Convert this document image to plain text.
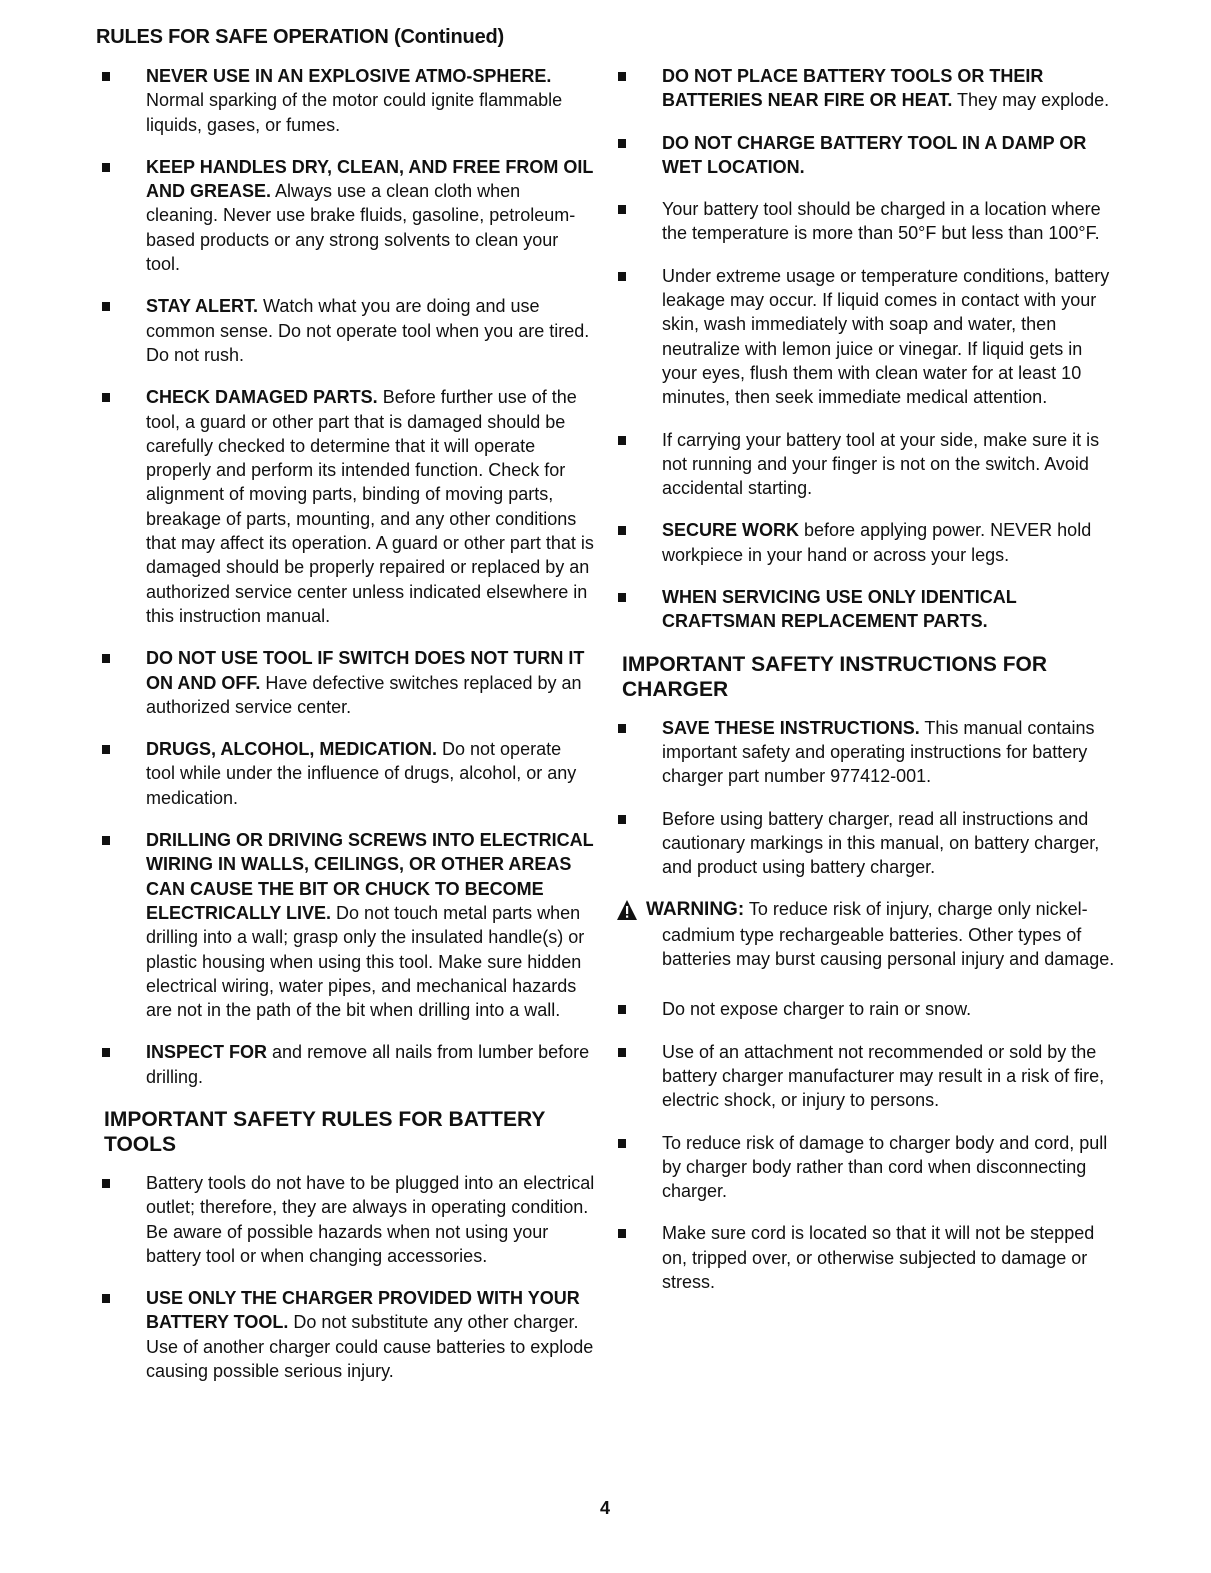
RULES FOR SAFE OPERATION (Continued)
NEVER USE IN AN EXPLOSIVE ATMO-SPHERE. Normal sparking of the motor could ignite flammable liquids, gases, or fumes.
KEEP HANDLES DRY, CLEAN, AND FREE FROM OIL AND GREASE. Always use a clean cloth when cleaning. Never use brake fluids, gasoline, petroleum-based products or any strong solvents to clean your tool.
STAY ALERT. Watch what you are doing and use common sense. Do not operate tool when you are tired. Do not rush.
CHECK DAMAGED PARTS. Before further use of the tool, a guard or other part that is damaged should be carefully checked to determine that it will operate properly and perform its intended function. Check for alignment of moving parts, binding of moving parts, breakage of parts, mounting, and any other conditions that may affect its operation. A guard or other part that is damaged should be properly repaired or replaced by an authorized service center unless indicated elsewhere in this instruction manual.
DO NOT USE TOOL IF SWITCH DOES NOT TURN IT ON AND OFF. Have defective switches replaced by an authorized service center.
DRUGS, ALCOHOL, MEDICATION. Do not operate tool while under the influence of drugs, alcohol, or any medication.
DRILLING OR DRIVING SCREWS INTO ELECTRICAL WIRING IN WALLS, CEILINGS, OR OTHER AREAS CAN CAUSE THE BIT OR CHUCK TO BECOME ELECTRICALLY LIVE. Do not touch metal parts when drilling into a wall; grasp only the insulated handle(s) or plastic housing when using this tool. Make sure hidden electrical wiring, water pipes, and mechanical hazards are not in the path of the bit when drilling into a wall.
INSPECT FOR and remove all nails from lumber before drilling.
IMPORTANT SAFETY RULES FOR BATTERY TOOLS
Battery tools do not have to be plugged into an electrical outlet; therefore, they are always in operating condition. Be aware of possible hazards when not using your battery tool or when changing accessories.
USE ONLY THE CHARGER PROVIDED WITH YOUR BATTERY TOOL. Do not substitute any other charger. Use of another charger could cause batteries to explode causing possible serious injury.
DO NOT PLACE BATTERY TOOLS OR THEIR BATTERIES NEAR FIRE OR HEAT. They may explode.
DO NOT CHARGE BATTERY TOOL IN A DAMP OR WET LOCATION.
Your battery tool should be charged in a location where the temperature is more than 50°F but less than 100°F.
Under extreme usage or temperature conditions, battery leakage may occur. If liquid comes in contact with your skin, wash immediately with soap and water, then neutralize with lemon juice or vinegar. If liquid gets in your eyes, flush them with clean water for at least 10 minutes, then seek immediate medical attention.
If carrying your battery tool at your side, make sure it is not running and your finger is not on the switch. Avoid accidental starting.
SECURE WORK before applying power. NEVER hold workpiece in your hand or across your legs.
WHEN SERVICING USE ONLY IDENTICAL CRAFTSMAN REPLACEMENT PARTS.
IMPORTANT SAFETY INSTRUCTIONS FOR CHARGER
SAVE THESE INSTRUCTIONS. This manual contains important safety and operating instructions for battery charger part number 977412-001.
Before using battery charger, read all instructions and cautionary markings in this manual, on battery charger, and product using battery charger.
WARNING: To reduce risk of injury, charge only nickel-cadmium type rechargeable batteries. Other types of batteries may burst causing personal injury and damage.
Do not expose charger to rain or snow.
Use of an attachment not recommended or sold by the battery charger manufacturer may result in a risk of fire, electric shock, or injury to persons.
To reduce risk of damage to charger body and cord, pull by charger body rather than cord when disconnecting charger.
Make sure cord is located so that it will not be stepped on, tripped over, or otherwise subjected to damage or stress.
4
